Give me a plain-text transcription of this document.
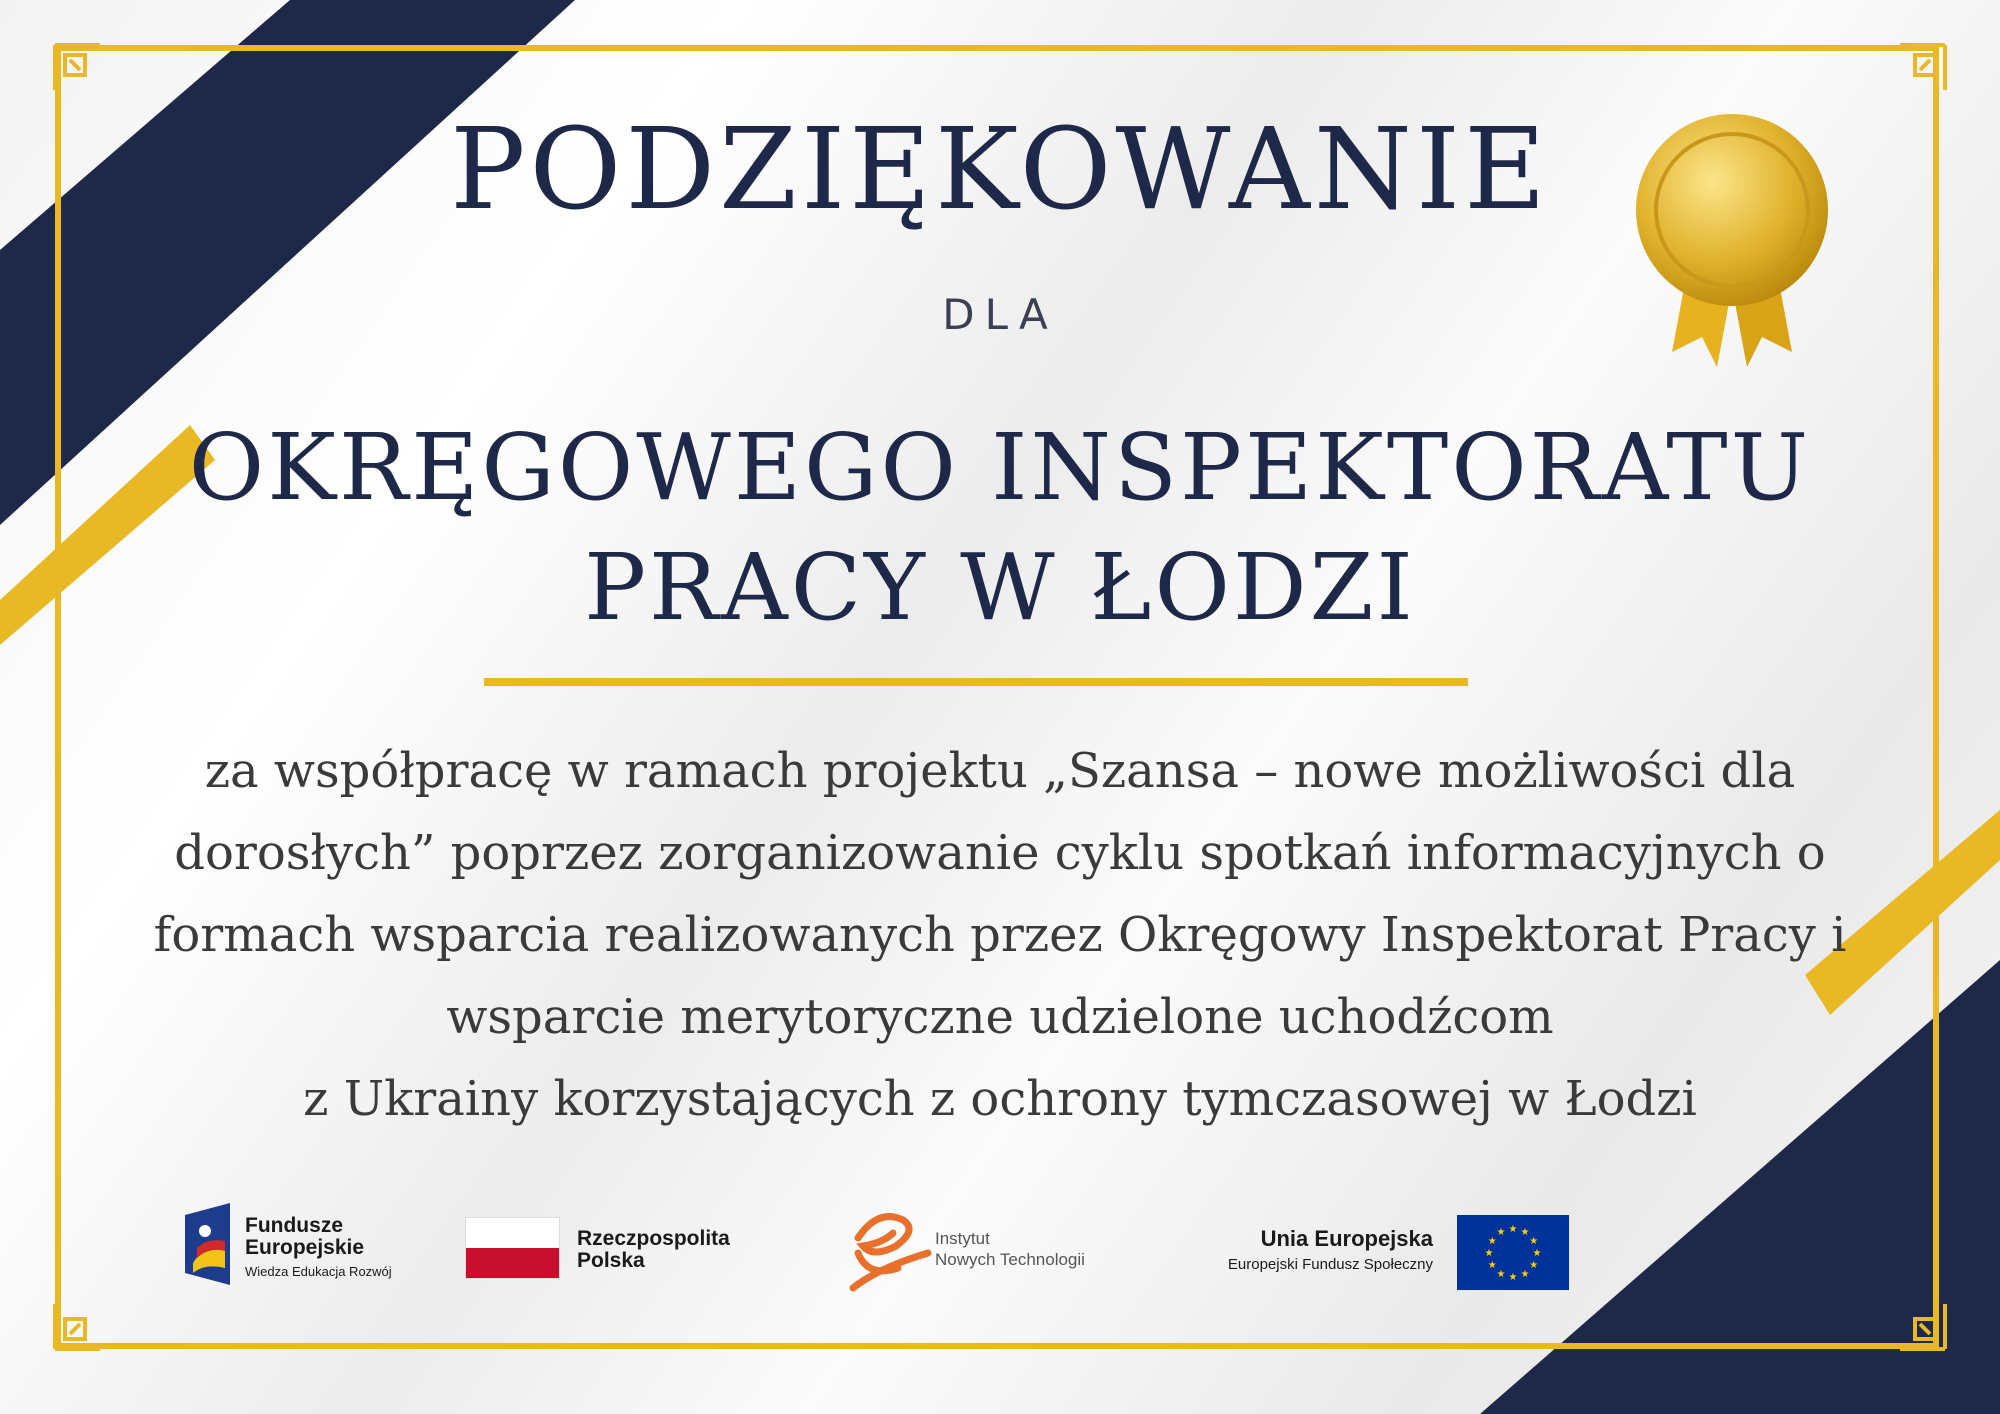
PODZIĘKOWANIE
DLA
OKRĘGOWEGO INSPEKTORATU
PRACY W ŁODZI
za współpracę w ramach projektu „Szansa – nowe możliwości dla
dorosłych” poprzez zorganizowanie cyklu spotkań informacyjnych o
formach wsparcia realizowanych przez Okręgowy Inspektorat Pracy i
wsparcie merytoryczne udzielone uchodźcom
z Ukrainy korzystających z ochrony tymczasowej w Łodzi
Fundusze
Europejskie
Wiedza Edukacja Rozwój
Rzeczpospolita
Polska
Instytut
Nowych Technologii
Unia Europejska
Europejski Fundusz Społeczny
★
★
★
★
★
★
★
★
★ ★ ★
★
